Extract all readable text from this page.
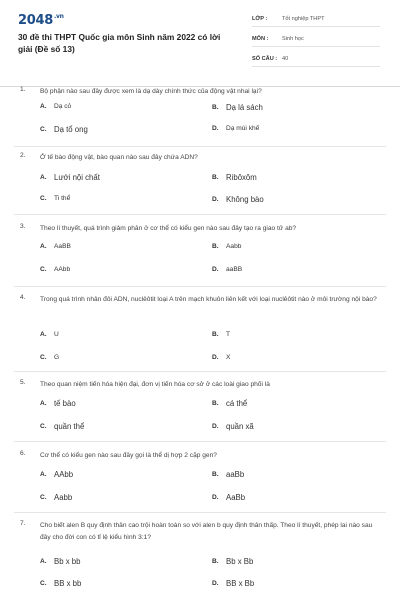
$2048^{.vn}$
30 đề thi THPT Quốc gia môn Sinh năm 2022 có lời giải (Đề số 13)
LỚP :	Tốt nghiệp THPT
MÔN :	Sinh học
SỐ CÂU : 40
1. Bộ phận nào sau đây được xem là dạ dày chính thức của động vật nhai lại?
A.	Dạ cỏ	B. Dạ lá sách
C. Dạ tổ ong	D.	Dạ múi khế
2. Ở tế bào động vật, bào quan nào sau đây chứa ADN?
A. Lưới nội chất	B. Ribôxôm
C.	Ti thể	D. Không bào
3. Theo lí thuyết, quá trình giảm phân ở cơ thể có kiểu gen nào sau đây tạo ra giao tử ab?
A.	AaBB	B.	Aabb
C.	AAbb	D.	aaBB
4. Trong quá trình nhân đôi ADN, nuclêôtit loại A trên mạch khuôn liên kết với loại nuclêôtit nào ở môi trường nội bào?
A.	U	B.	T
C.	G	D.	X
5. Theo quan niệm tiến hóa hiện đại, đơn vị tiến hóa cơ sở ở các loài giao phối là
A. tế bào	B. cá thể
C. quần thể	D. quần xã
6. Cơ thể có kiểu gen nào sau đây gọi là thể dị hợp 2 cặp gen?
A. AAbb	B. aaBb
C. Aabb	D. AaBb
7. Cho biết alen B quy định thân cao trội hoàn toàn so với alen b quy định thân thấp. Theo lí thuyết, phép lai nào sau đây cho đời con có tỉ lệ kiểu hình 3:1?
A. Bb x bb	B. Bb x Bb
C. BB x bb	D. BB x Bb
